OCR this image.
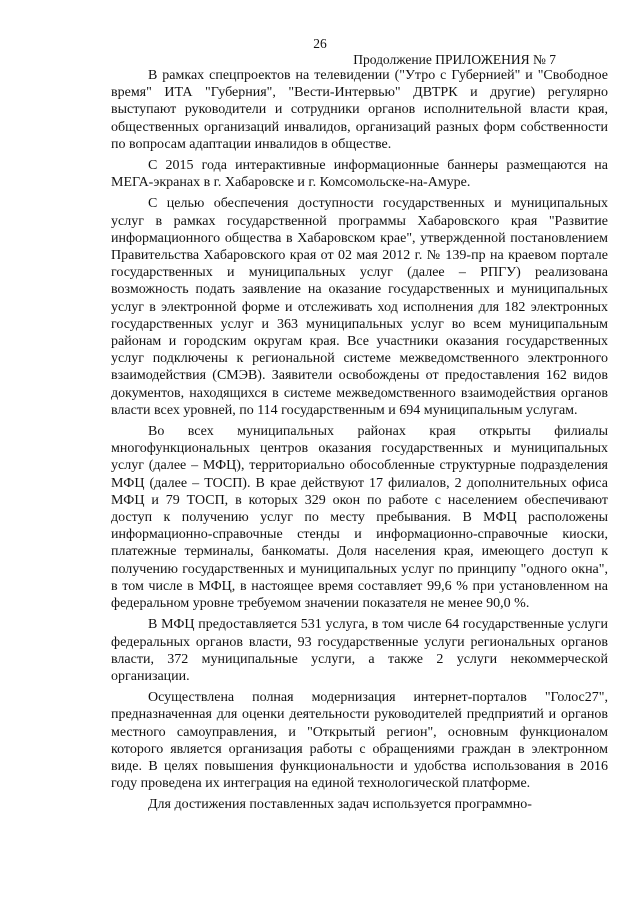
26
Продолжение ПРИЛОЖЕНИЯ № 7

В рамках спецпроектов на телевидении ("Утро с Губернией" и "Свободное время" ИТА "Губерния", "Вести-Интервью" ДВТРК и другие) регулярно выступают руководители и сотрудники органов исполнительной власти края, общественных организаций инвалидов, организаций разных форм собственности по вопросам адаптации инвалидов в обществе.

С 2015 года интерактивные информационные баннеры размещаются на МЕГА-экранах в г. Хабаровске и г. Комсомольске-на-Амуре.

С целью обеспечения доступности государственных и муниципальных услуг в рамках государственной программы Хабаровского края "Развитие информационного общества в Хабаровском крае", утвержденной постановлением Правительства Хабаровского края от 02 мая 2012 г. № 139-пр на краевом портале государственных и муниципальных услуг (далее – РПГУ) реализована возможность подать заявление на оказание государственных и муниципальных услуг в электронной форме и отслеживать ход исполнения для 182 электронных государственных услуг и 363 муниципальных услуг во всем муниципальным районам и городским округам края. Все участники оказания государственных услуг подключены к региональной системе межведомственного электронного взаимодействия (СМЭВ). Заявители освобождены от предоставления 162 видов документов, находящихся в системе межведомственного взаимодействия органов власти всех уровней, по 114 государственным и 694 муниципальным услугам.

Во всех муниципальных районах края открыты филиалы многофункциональных центров оказания государственных и муниципальных услуг (далее – МФЦ), территориально обособленные структурные подразделения МФЦ (далее – ТОСП). В крае действуют 17 филиалов, 2 дополнительных офиса МФЦ и 79 ТОСП, в которых 329 окон по работе с населением обеспечивают доступ к получению услуг по месту пребывания. В МФЦ расположены информационно-справочные стенды и информационно-справочные киоски, платежные терминалы, банкоматы. Доля населения края, имеющего доступ к получению государственных и муниципальных услуг по принципу "одного окна", в том числе в МФЦ, в настоящее время составляет 99,6 % при установленном на федеральном уровне требуемом значении показателя не менее 90,0 %.

В МФЦ предоставляется 531 услуга, в том числе 64 государственные услуги федеральных органов власти, 93 государственные услуги региональных органов власти, 372 муниципальные услуги, а также 2 услуги некоммерческой организации.

Осуществлена полная модернизация интернет-порталов "Голос27", предназначенная для оценки деятельности руководителей предприятий и органов местного самоуправления, и "Открытый регион", основным функционалом которого является организация работы с обращениями граждан в электронном виде. В целях повышения функциональности и удобства использования в 2016 году проведена их интеграция на единой технологической платформе.

Для достижения поставленных задач используется программно-
